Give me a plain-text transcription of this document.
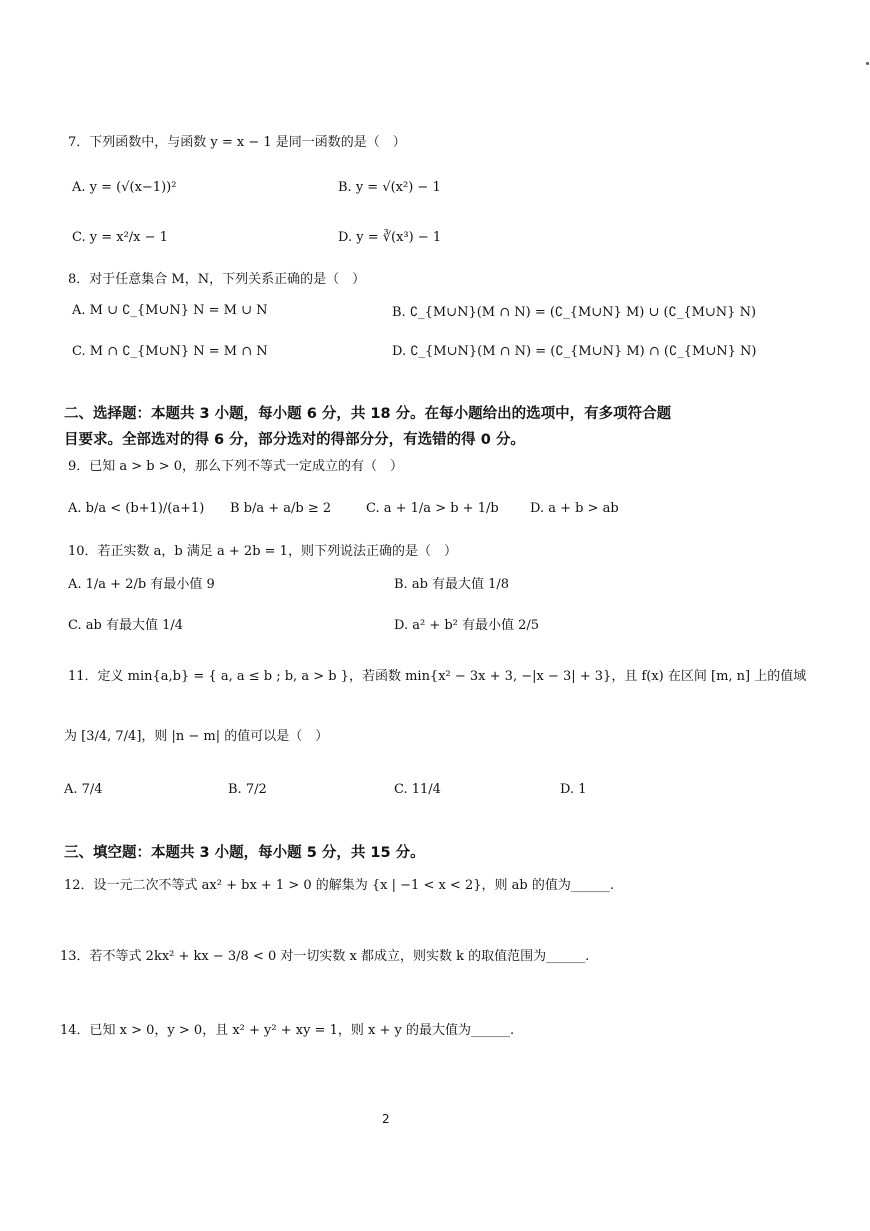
7．下列函数中，与函数 y = x − 1 是同一函数的是（　）
A. y = (√(x−1))²	B. y = √(x²) − 1
C. y = x²/x − 1	D. y = ∛(x³) − 1
8．对于任意集合 M，N，下列关系正确的是（　）
A. M ∪ ∁_{M∪N} N = M ∪ N	B. ∁_{M∪N}(M ∩ N) = (∁_{M∪N} M) ∪ (∁_{M∪N} N)
C. M ∩ ∁_{M∪N} N = M ∩ N	D. ∁_{M∪N}(M ∩ N) = (∁_{M∪N} M) ∩ (∁_{M∪N} N)
二、选择题：本题共 3 小题，每小题 6 分，共 18 分。在每小题给出的选项中，有多项符合题
目要求。全部选对的得 6 分，部分选对的得部分分，有选错的得 0 分。
9．已知 a > b > 0，那么下列不等式一定成立的有（　）
A. b/a < (b+1)/(a+1) B b/a + a/b ≥ 2	C. a + 1/a > b + 1/b D. a + b > ab
10．若正实数 a，b 满足 a + 2b = 1，则下列说法正确的是（　）
A. 1/a + 2/b 有最小值 9	B. ab 有最大值 1/8
C. ab 有最大值 1/4	D. a² + b² 有最小值 2/5
11．定义 min{a,b} = { a, a ≤ b ; b, a > b }，若函数 min{x² − 3x + 3, −|x − 3| + 3}，且 f(x) 在区间 [m, n] 上的值域
为 [3/4, 7/4]，则 |n − m| 的值可以是（　）
A. 7/4	B. 7/2	C. 11/4	D. 1
三、填空题：本题共 3 小题，每小题 5 分，共 15 分。
12．设一元二次不等式 ax² + bx + 1 > 0 的解集为 {x | −1 < x < 2}，则 ab 的值为______.
13．若不等式 2kx² + kx − 3/8 < 0 对一切实数 x 都成立，则实数 k 的取值范围为______.
14．已知 x > 0，y > 0，且 x² + y² + xy = 1，则 x + y 的最大值为______.
2
